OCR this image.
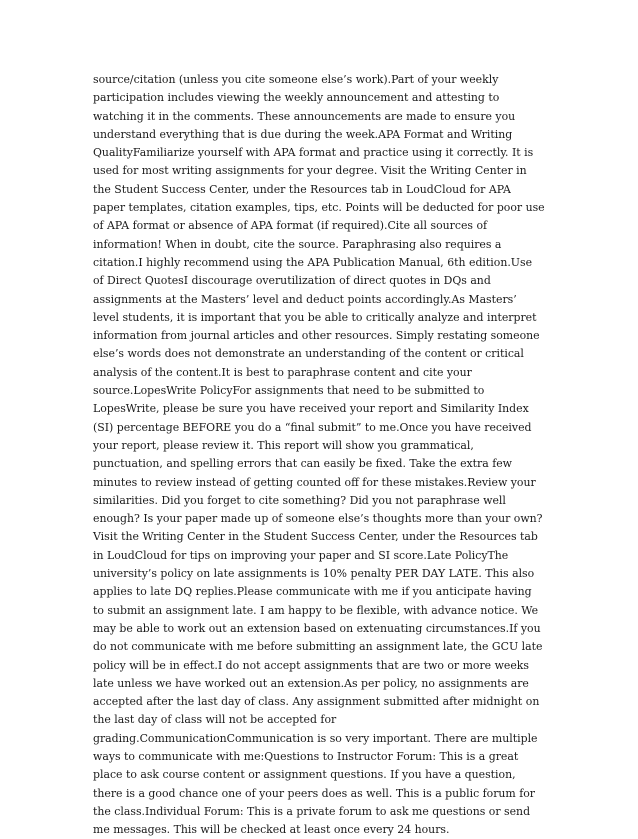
source/citation (unless you cite someone else’s work).Part of your weekly participation includes viewing the weekly announcement and attesting to watching it in the comments. These announcements are made to ensure you understand everything that is due during the week.APA Format and Writing QualityFamiliarize yourself with APA format and practice using it correctly. It is used for most writing assignments for your degree. Visit the Writing Center in the Student Success Center, under the Resources tab in LoudCloud for APA paper templates, citation examples, tips, etc. Points will be deducted for poor use of APA format or absence of APA format (if required).Cite all sources of information! When in doubt, cite the source. Paraphrasing also requires a citation.I highly recommend using the APA Publication Manual, 6th edition.Use of Direct QuotesI discourage overutilization of direct quotes in DQs and assignments at the Masters’ level and deduct points accordingly.As Masters’ level students, it is important that you be able to critically analyze and interpret information from journal articles and other resources. Simply restating someone else’s words does not demonstrate an understanding of the content or critical analysis of the content.It is best to paraphrase content and cite your source.LopesWrite PolicyFor assignments that need to be submitted to LopesWrite, please be sure you have received your report and Similarity Index (SI) percentage BEFORE you do a “final submit” to me.Once you have received your report, please review it. This report will show you grammatical, punctuation, and spelling errors that can easily be fixed. Take the extra few minutes to review instead of getting counted off for these mistakes.Review your similarities. Did you forget to cite something? Did you not paraphrase well enough? Is your paper made up of someone else’s thoughts more than your own?Visit the Writing Center in the Student Success Center, under the Resources tab in LoudCloud for tips on improving your paper and SI score.Late PolicyThe university’s policy on late assignments is 10% penalty PER DAY LATE. This also applies to late DQ replies.Please communicate with me if you anticipate having to submit an assignment late. I am happy to be flexible, with advance notice. We may be able to work out an extension based on extenuating circumstances.If you do not communicate with me before submitting an assignment late, the GCU late policy will be in effect.I do not accept assignments that are two or more weeks late unless we have worked out an extension.As per policy, no assignments are accepted after the last day of class. Any assignment submitted after midnight on the last day of class will not be accepted for grading.CommunicationCommunication is so very important. There are multiple ways to communicate with me:Questions to Instructor Forum: This is a great place to ask course content or assignment questions. If you have a question, there is a good chance one of your peers does as well. This is a public forum for the class.Individual Forum: This is a private forum to ask me questions or send me messages. This will be checked at least once every 24 hours.
